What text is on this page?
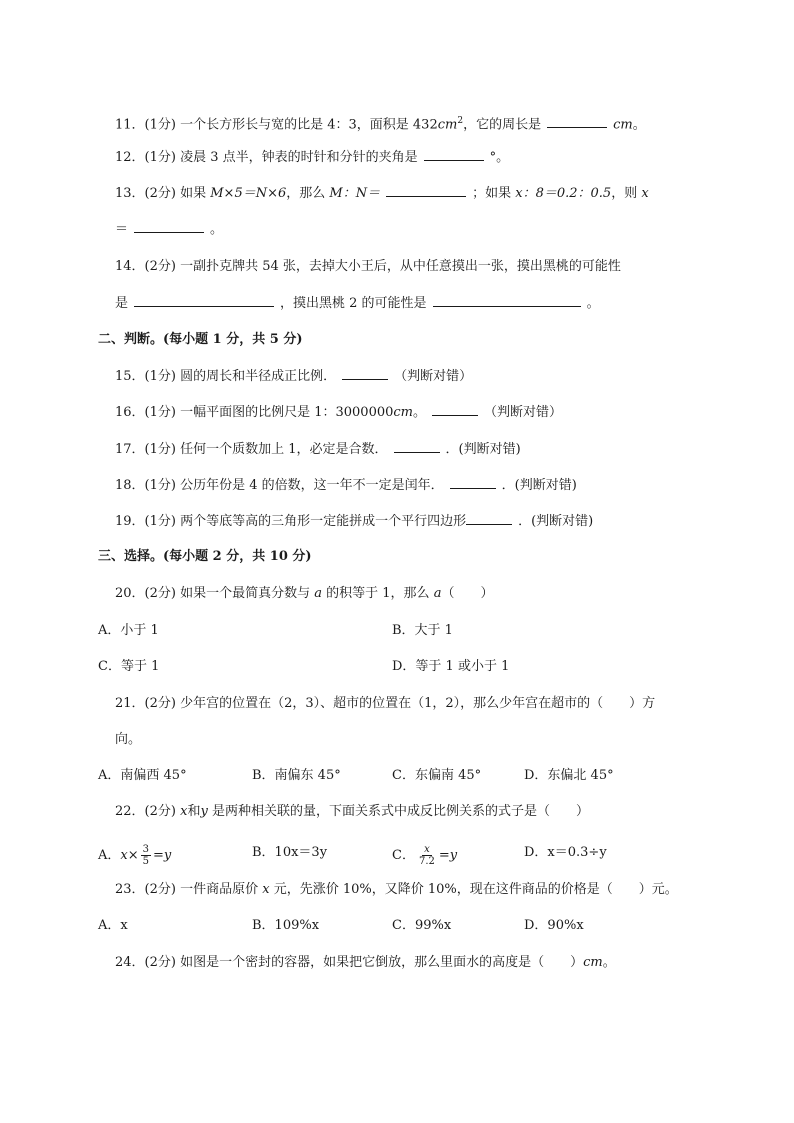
11．(1分) 一个长方形长与宽的比是 4：3，面积是 $432cm^2$，它的周长是	cm。
12．(1分) 凌晨 3 点半，钟表的时针和分针的夹角是	°。
13．(2分) 如果 M×5＝N×6，那么 M：N＝	；如果 x：8＝0.2：0.5，则 x
＝	。
14．(2分) 一副扑克牌共 54 张，去掉大小王后，从中任意摸出一张，摸出黑桃的可能性
是	，摸出黑桃 2 的可能性是	。
二、判断。(每小题 1 分，共 5 分)
15．(1分) 圆的周长和半径成正比例．	（判断对错）
16．(1分) 一幅平面图的比例尺是 1：3000000cm。	（判断对错）
17．(1分) 任何一个质数加上 1，必定是合数．	．(判断对错)
18．(1分) 公历年份是 4 的倍数，这一年不一定是闰年．	．(判断对错)
19．(1分) 两个等底等高的三角形一定能拼成一个平行四边形	．(判断对错)
三、选择。(每小题 2 分，共 10 分)
20．(2分) 如果一个最简真分数与 a 的积等于 1，那么 a（　　）
A．小于 1	B．大于 1
C．等于 1	D．等于 1 或小于 1
21．(2分) 少年宫的位置在（2，3）、超市的位置在（1，2），那么少年宫在超市的（　　）方
向。
A．南偏西 45°	B．南偏东 45°	C．东偏南 45°	D．东偏北 45°
22．(2分) x和y 是两种相关联的量，下面关系式中成反比例关系的式子是（　　）
A．$x\times \frac{3}{5} =y$	B．10x＝3y	C． $\frac{x}{7.2} =y$	D．x＝0.3÷y
23．(2分) 一件商品原价 x 元，先涨价 10%，又降价 10%，现在这件商品的价格是（　　）元。
A．x	B．109%x	C．99%x	D．90%x
24．(2分) 如图是一个密封的容器，如果把它倒放，那么里面水的高度是（　　）cm。
